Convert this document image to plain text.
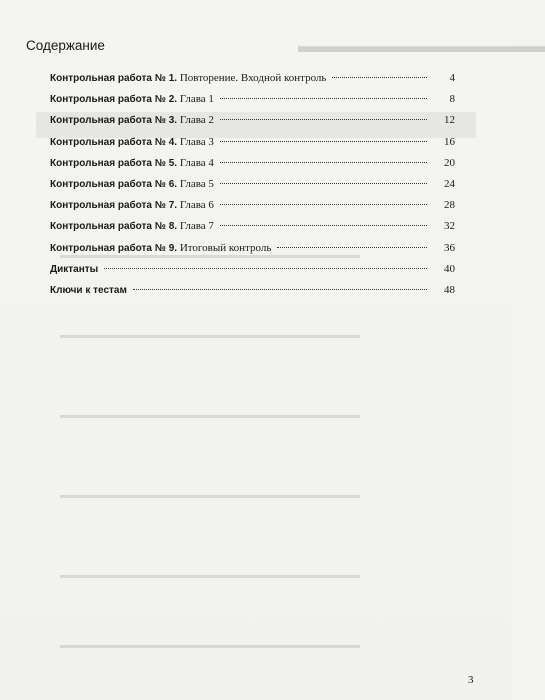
▬▬▬▬▬▬▬▬▬▬▬▬▬
▬▬▬▬▬▬▬▬▬▬▬▬▬▬▬▬▬▬▬▬▬▬▬▬▬▬▬▬▬▬
▬▬▬▬▬▬▬▬▬▬▬▬▬▬▬▬▬▬▬▬▬▬▬▬▬▬▬▬▬▬
▬▬▬▬▬▬▬▬▬▬▬▬▬▬▬▬▬▬▬▬▬▬▬▬▬▬▬▬▬▬
▬▬▬▬▬▬▬▬▬▬▬▬▬▬▬▬▬▬▬▬▬▬▬▬▬▬▬▬▬▬
▬▬▬▬▬▬▬▬▬▬▬▬▬▬▬▬▬▬▬▬▬▬▬▬▬▬▬▬▬▬
▬▬▬▬▬▬▬▬▬▬▬▬▬▬▬▬▬▬▬▬▬▬▬▬▬▬▬▬▬▬
Содержание
Контрольная работа № 1. Повторение. Входной контроль	4
Контрольная работа № 2. Глава 1	8
Контрольная работа № 3. Глава 2	12
Контрольная работа № 4. Глава 3	16
Контрольная работа № 5. Глава 4	20
Контрольная работа № 6. Глава 5	24
Контрольная работа № 7. Глава 6	28
Контрольная работа № 8. Глава 7	32
Контрольная работа № 9. Итоговый контроль	36
Диктанты	40
Ключи к тестам	48
3
